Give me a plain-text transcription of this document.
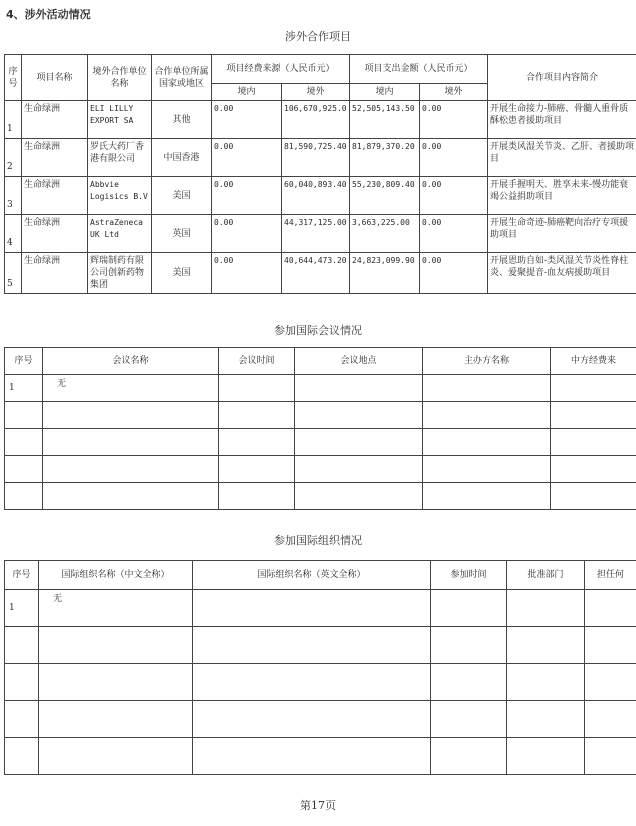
4、涉外活动情况
涉外合作项目
序号	项目名称	境外合作单位名称	合作单位所属国家或地区	项目经费来源（人民币元）		项目支出金额（人民币元）		合作项目内容简介
				境内	境外	境内	境外	
1	生命绿洲	ELI LILLY EXPORT SA	其他	0.00	106,670,925.0	52,505,143.50	0.00	开展生命接力-肺癌、骨髓人重骨质酥松患者援助项目
2	生命绿洲	罗氏大药厂香港有限公司	中国香港	0.00	81,590,725.40	81,879,370.20	0.00	开展类风湿关节炎、乙肝、者援助项目
3	生命绿洲	Abbvie Logisics B.V	美国	0.00	60,040,893.40	55,230,809.40	0.00	开展手握明天、胜享未来-慢功能衰竭公益捐助项目
4	生命绿洲	AstraZeneca UK Ltd	英国	0.00	44,317,125.00	3,663,225.00	0.00	开展生命奇迹-肺癌靶向治疗专项援助项目
5	生命绿洲	辉瑞制药有限公司创新药物集团	美国	0.00	40,644,473.20	24,823,099.90	0.00	开展恩助自如-类风湿关节炎性脊柱炎、爱聚提音-血友病援助项目
参加国际会议情况
序号	会议名称	会议时间	会议地点	主办方名称	中方经费来
1	无				

参加国际组织情况
序号	国际组织名称（中文全称）	国际组织名称（英文全称）	参加时间	批准部门	担任何
1	无				

第17页
